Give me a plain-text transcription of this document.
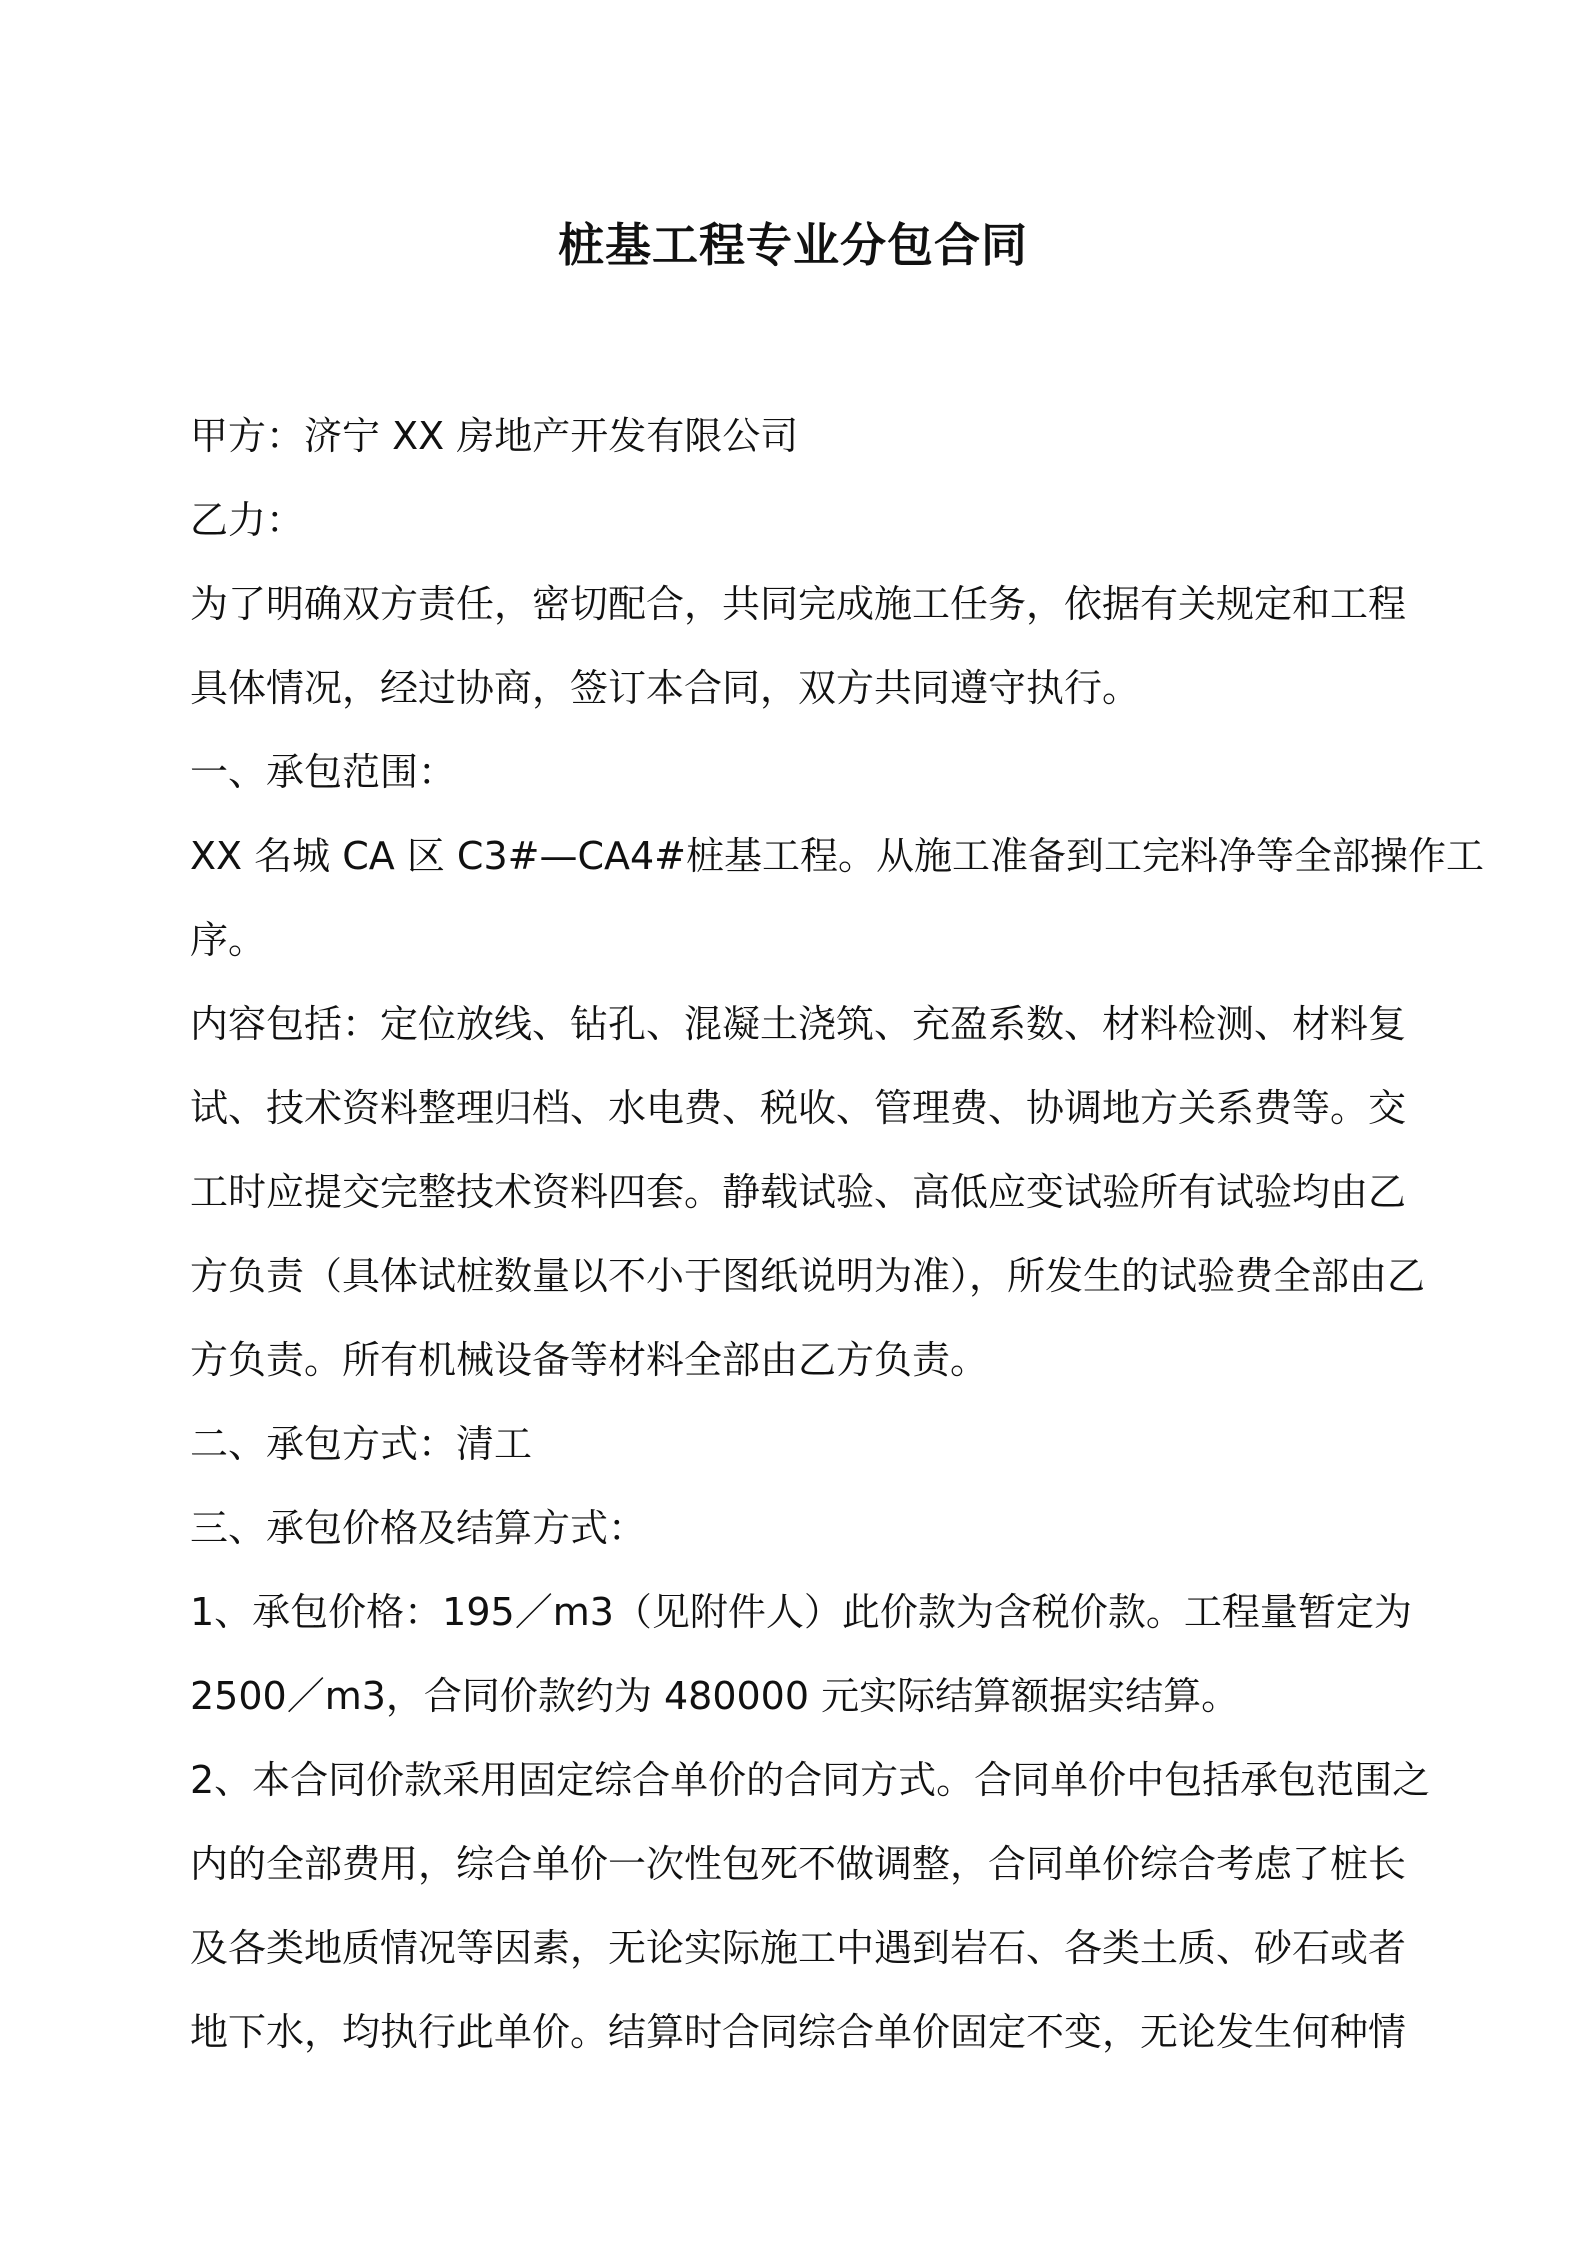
桩基工程专业分包合同

甲方：济宁 XX 房地产开发有限公司

乙力：

为了明确双方责任，密切配合，共同完成施工任务，依据有关规定和工程

具体情况，经过协商，签订本合同，双方共同遵守执行。

一、承包范围：

XX 名城 CA 区 C3#—CA4#桩基工程。从施工准备到工完料净等全部操作工

序。

内容包括：定位放线、钻孔、混凝土浇筑、充盈系数、材料检测、材料复

试、技术资料整理归档、水电费、税收、管理费、协调地方关系费等。交

工时应提交完整技术资料四套。静载试验、高低应变试验所有试验均由乙

方负责（具体试桩数量以不小于图纸说明为准），所发生的试验费全部由乙

方负责。所有机械设备等材料全部由乙方负责。

二、承包方式：清工

三、承包价格及结算方式：

1、承包价格：195／m3（见附件人）此价款为含税价款。工程量暂定为

2500／m3，合同价款约为 480000 元实际结算额据实结算。

2、本合同价款采用固定综合单价的合同方式。合同单价中包括承包范围之

内的全部费用，综合单价一次性包死不做调整，合同单价综合考虑了桩长

及各类地质情况等因素，无论实际施工中遇到岩石、各类土质、砂石或者

地下水，均执行此单价。结算时合同综合单价固定不变，无论发生何种情
